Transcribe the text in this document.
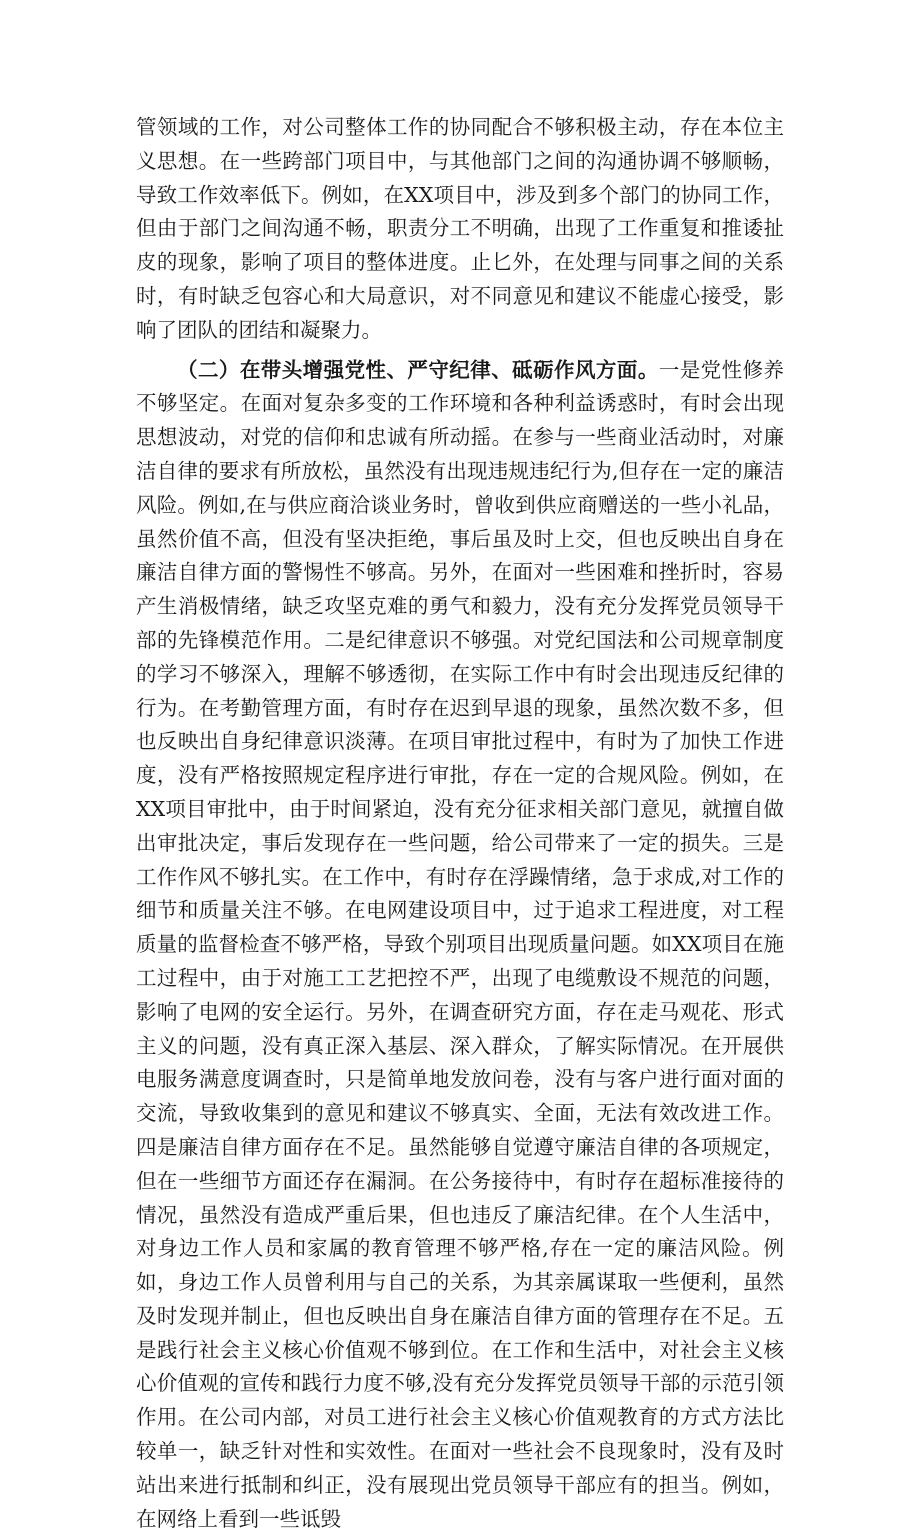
管领域的工作，对公司整体工作的协同配合不够积极主动，存在本位主义思想。在一些跨部门项目中，与其他部门之间的沟通协调不够顺畅，导致工作效率低下。例如，在XX项目中，涉及到多个部门的协同工作，但由于部门之间沟通不畅，职责分工不明确，出现了工作重复和推诿扯皮的现象，影响了项目的整体进度。止匕外，在处理与同事之间的关系时，有时缺乏包容心和大局意识，对不同意见和建议不能虚心接受，影响了团队的团结和凝聚力。

（二）在带头增强党性、严守纪律、砥砺作风方面。一是党性修养不够坚定。在面对复杂多变的工作环境和各种利益诱惑时，有时会出现思想波动，对党的信仰和忠诚有所动摇。在参与一些商业活动时，对廉洁自律的要求有所放松，虽然没有出现违规违纪行为,但存在一定的廉洁风险。例如,在与供应商洽谈业务时，曾收到供应商赠送的一些小礼品，虽然价值不高，但没有坚决拒绝，事后虽及时上交，但也反映出自身在廉洁自律方面的警惕性不够高。另外，在面对一些困难和挫折时，容易产生消极情绪，缺乏攻坚克难的勇气和毅力，没有充分发挥党员领导干部的先锋模范作用。二是纪律意识不够强。对党纪国法和公司规章制度的学习不够深入，理解不够透彻，在实际工作中有时会出现违反纪律的行为。在考勤管理方面，有时存在迟到早退的现象，虽然次数不多，但也反映出自身纪律意识淡薄。在项目审批过程中，有时为了加快工作进度，没有严格按照规定程序进行审批，存在一定的合规风险。例如，在XX项目审批中，由于时间紧迫，没有充分征求相关部门意见，就擅自做出审批决定，事后发现存在一些问题，给公司带来了一定的损失。三是工作作风不够扎实。在工作中，有时存在浮躁情绪，急于求成,对工作的细节和质量关注不够。在电网建设项目中，过于追求工程进度，对工程质量的监督检查不够严格，导致个别项目出现质量问题。如XX项目在施工过程中，由于对施工工艺把控不严，出现了电缆敷设不规范的问题，影响了电网的安全运行。另外，在调查研究方面，存在走马观花、形式主义的问题，没有真正深入基层、深入群众，了解实际情况。在开展供电服务满意度调查时，只是简单地发放问卷，没有与客户进行面对面的交流，导致收集到的意见和建议不够真实、全面，无法有效改进工作。四是廉洁自律方面存在不足。虽然能够自觉遵守廉洁自律的各项规定，但在一些细节方面还存在漏洞。在公务接待中，有时存在超标准接待的情况，虽然没有造成严重后果，但也违反了廉洁纪律。在个人生活中，对身边工作人员和家属的教育管理不够严格,存在一定的廉洁风险。例如，身边工作人员曾利用与自己的关系，为其亲属谋取一些便利，虽然及时发现并制止，但也反映出自身在廉洁自律方面的管理存在不足。五是践行社会主义核心价值观不够到位。在工作和生活中，对社会主义核心价值观的宣传和践行力度不够,没有充分发挥党员领导干部的示范引领作用。在公司内部，对员工进行社会主义核心价值观教育的方式方法比较单一，缺乏针对性和实效性。在面对一些社会不良现象时，没有及时站出来进行抵制和纠正，没有展现出党员领导干部应有的担当。例如，在网络上看到一些诋毁
